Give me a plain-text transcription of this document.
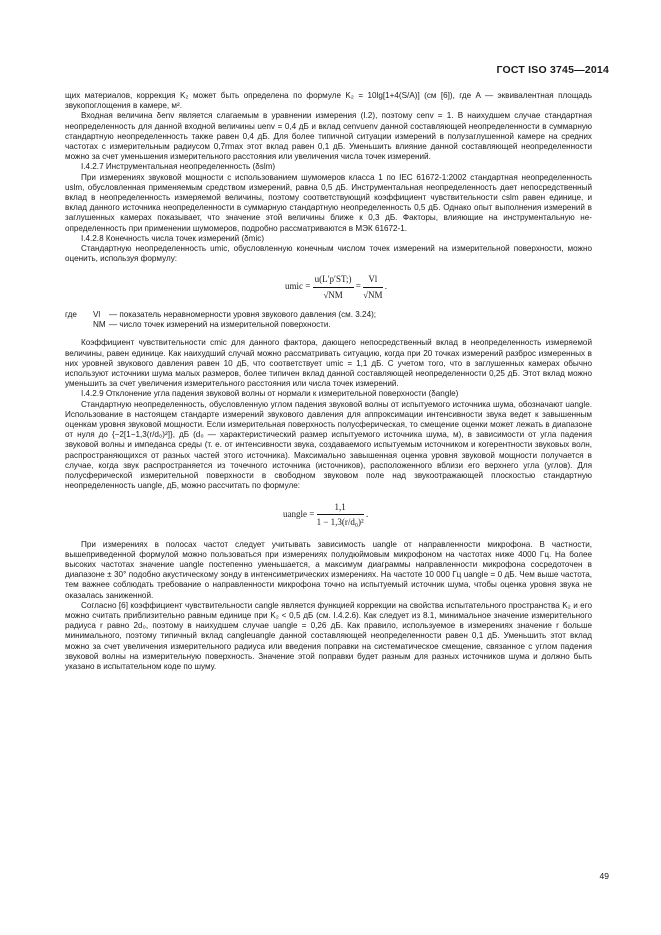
ГОСТ ISO 3745—2014

щих материалов, коррекция K₂ может быть определена по формуле K₂ = 10lg[1+4(S/A)] (см [6]), где A — эквивалентная площадь звукопоглощения в камере, м².

Входная величина δenv является слагаемым в уравнении измерения (I.2), поэтому cenv = 1. В наихудшем случае стандартная неопределенность для данной входной величины uenv = 0,4 дБ и вклад cenvuenv данной составляющей неопределенности в суммарную стандартную неопределенность также равен 0,4 дБ. Для более типичной ситуации измерений в полузаглушенной камере на средних частотах с измерительным радиусом 0,7rmax этот вклад равен 0,1 дБ. Уменьшить влияние данной составляющей неопределенности можно за счет уменьшения измерительного расстояния или увеличения числа точек измерений.

I.4.2.7 Инструментальная неопределенность (δslm)

При измерениях звуковой мощности с использованием шумомеров класса 1 по IEC 61672-1:2002 стандартная неопределенность uslm, обусловленная применяемым средством измерений, равна 0,5 дБ. Инструментальная неопределенность дает непосредственный вклад в неопределенность измеряемой величины, поэтому соответствующий коэффициент чувствительности cslm равен единице, и вклад данного источника неопределенности в суммарную стандартную неопределенность 0,5 дБ. Однако опыт выполнения измерений в заглушенных камерах показывает, что значение этой величины ближе к 0,3 дБ. Факторы, влияющие на инструментальную неопределенность при применении шумомеров, подробно рассматриваются в МЭК 61672-1.

I.4.2.8 Конечность числа точек измерений (δmic)

Стандартную неопределенность umic, обусловленную конечным числом точек измерений на измерительной поверхности, можно оценить, используя формулу:

umic = $\frac{u(L'p'ST;)}{√NM} = \frac{Vl}{√NM}$ .
где Vl — показатель неравномерности уровня звукового давления (см. 3.24);
NM — число точек измерений на измерительной поверхности.

Коэффициент чувствительности cmic для данного фактора, дающего непосредственный вклад в неопределенность измеряемой величины, равен единице. Как наихудший случай можно рассматривать ситуацию, когда при 20 точках измерений разброс измеренных в них уровней звукового давления равен 10 дБ, что соответствует umic = 1,1 дБ. С учетом того, что в заглушенных камерах обычно используют источники шума малых размеров, более типичен вклад данной составляющей неопределенности 0,25 дБ. Этот вклад можно уменьшить за счет увеличения измерительного расстояния или числа точек измерений.

I.4.2.9 Отклонение угла падения звуковой волны от нормали к измерительной поверхности (δangle)

Стандартную неопределенность, обусловленную углом падения звуковой волны от испытуемого источника шума, обозначают uangle. Использование в настоящем стандарте измерений звукового давления для аппроксимации интенсивности звука ведет к завышенным оценкам уровня звуковой мощности. Если измерительная поверхность полусферическая, то смещение оценки может лежать в диапазоне от нуля до {−2[1−1,3(r/d₀)²]}, дБ (d₀ — характеристический размер испытуемого источника шума, м), в зависимости от угла падения звуковой волны и импеданса среды (т. е. от интенсивности звука, создаваемого испытуемым источником и когерентности звуковых волн, распространяющихся от разных частей этого источника). Максимально завышенная оценка уровня звуковой мощности получается в случае, когда звук распространяется из точечного источника (источников), расположенного вблизи его верхнего угла (углов). Для полусферической измерительной поверхности в свободном звуковом поле над звукоотражающей плоскостью стандартную неопределенность uangle, дБ, можно рассчитать по формуле:

uangle = $\frac{1,1}{\text{1 − 1,3(r/d₀)²}}$ .

При измерениях в полосах частот следует учитывать зависимость uangle от направленности микрофона. В частности, вышеприведенной формулой можно пользоваться при измерениях полудюймовым микрофоном на частотах ниже 4000 Гц. На более высоких частотах значение uangle постепенно уменьшается, а максимум диаграммы направленности микрофона сосредоточен в диапазоне ± 30° подобно акустическому зонду в интенсиметрических измерениях. На частоте 10 000 Гц uangle = 0 дБ. Чем выше частота, тем важнее соблюдать требование о направленности микрофона точно на испытуемый источник шума, чтобы оценка уровня звука не оказалась заниженной.

Согласно [6] коэффициент чувствительности cangle является функцией коррекции на свойства испытательного пространства K₂ и его можно считать приблизительно равным единице при K₂ < 0,5 дБ (см. I.4.2.6). Как следует из 8.1, минимальное значение измерительного радиуса r равно 2d₀, поэтому в наихудшем случае uangle = 0,26 дБ. Как правило, используемое в измерениях значение r больше минимального, поэтому типичный вклад cangleuangle данной составляющей неопределенности равен 0,1 дБ. Уменьшить этот вклад можно за счет увеличения измерительного радиуса или введения поправки на систематическое смещение, связанное с углом падения звуковой волны на измерительную поверхность. Значение этой поправки будет разным для разных источников шума и должно быть указано в испытательном коде по шуму.

49
